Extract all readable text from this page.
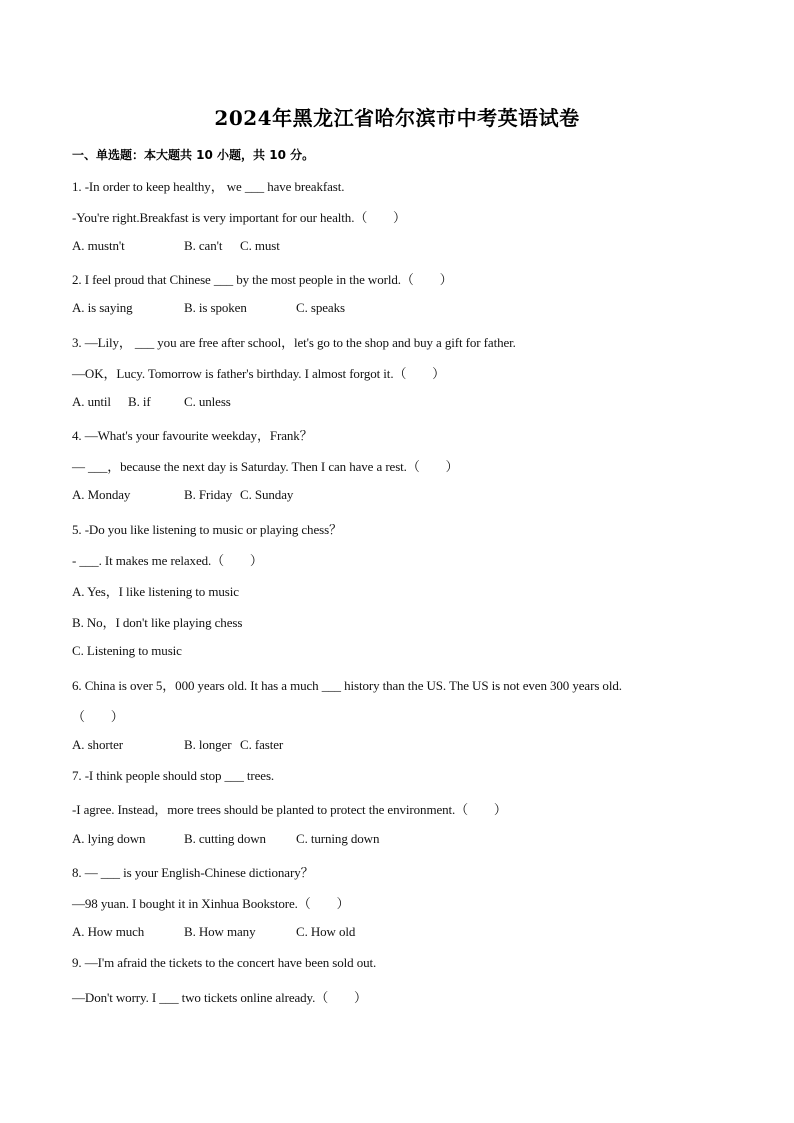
2024年黑龙江省哈尔滨市中考英语试卷
一、单选题：本大题共 10 小题，共 10 分。
1. -In order to keep healthy， we ___ have breakfast.
-You're right.Breakfast is very important for our health.（　　）
A. mustn't	B. can't C. must
2. I feel proud that Chinese ___ by the most people in the world.（　　）
A. is saying	B. is spoken	C. speaks
3. —Lily， ___ you are free after school，let's go to the shop and buy a gift for father.
—OK，Lucy. Tomorrow is father's birthday. I almost forgot it.（　　）
A. until B. if	C. unless
4. —What's your favourite weekday，Frank？
— ___，because the next day is Saturday. Then I can have a rest.（　　）
A. Monday	B. Friday C. Sunday
5. -Do you like listening to music or playing chess？
- ___. It makes me relaxed.（　　）
A. Yes，I like listening to music
B. No，I don't like playing chess
C. Listening to music
6. China is over 5，000 years old. It has a much ___ history than the US. The US is not even 300 years old.
（　　）
A. shorter	B. longer C. faster
7. -I think people should stop ___ trees.
-I agree. Instead，more trees should be planted to protect the environment.（　　）
A. lying down	B. cutting down C. turning down
8. — ___ is your English-Chinese dictionary？
—98 yuan. I bought it in Xinhua Bookstore.（　　）
A. How much	B. How many	C. How old
9. —I'm afraid the tickets to the concert have been sold out.
—Don't worry. I ___ two tickets online already.（　　）
